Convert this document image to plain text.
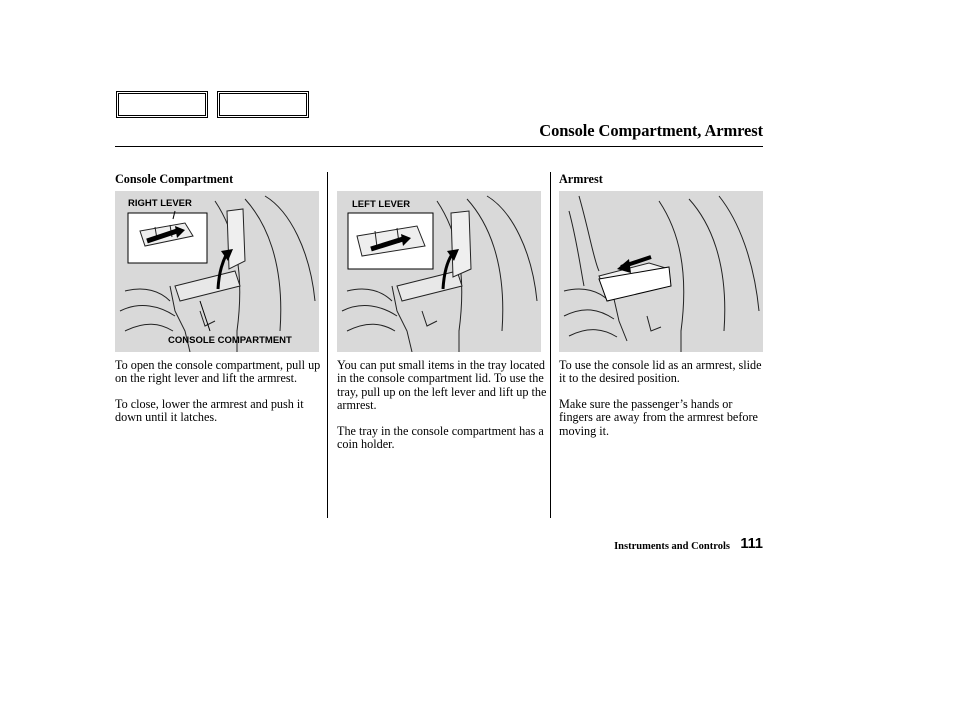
Console Compartment, Armrest
Console Compartment
RIGHT LEVER
CONSOLE COMPARTMENT

To open the console compartment, pull up on the right lever and lift the armrest.

To close, lower the armrest and push it down until it latches.

LEFT LEVER

You can put small items in the tray located in the console compartment lid. To use the tray, pull up on the left lever and lift up the armrest.

The tray in the console compartment has a coin holder.

Armrest

To use the console lid as an armrest, slide it to the desired position.

Make sure the passenger’s hands or fingers are away from the armrest before moving it.

Instruments and Controls 111
